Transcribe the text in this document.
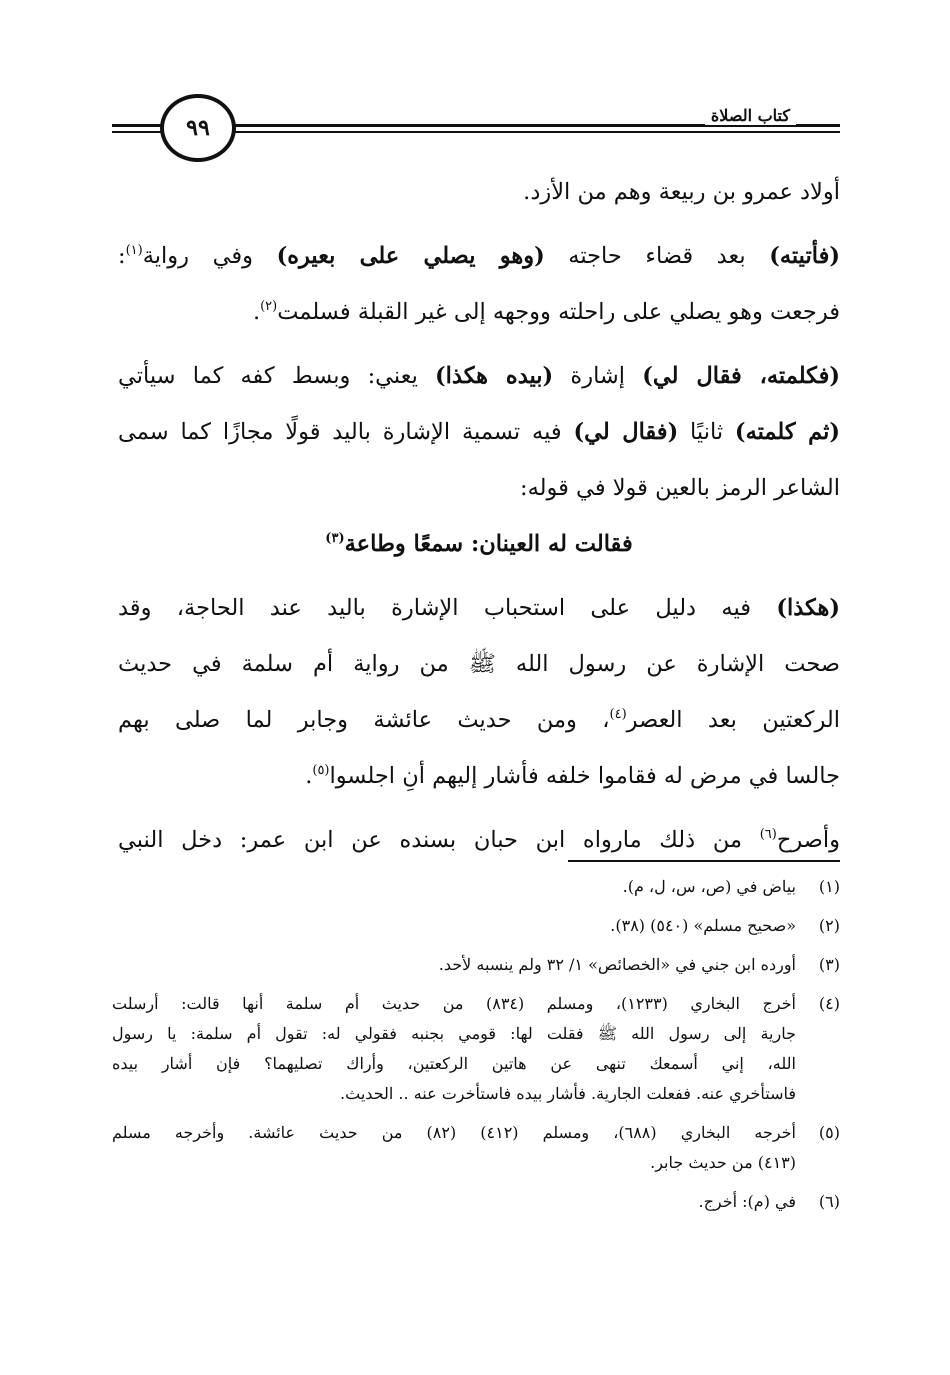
٩٩	كتاب الصلاة
أولاد عمرو بن ربيعة وهم من الأزد.
(فأتيته) بعد قضاء حاجته (وهو يصلي على بعيره) وفي رواية$^{(١)}$:
فرجعت وهو يصلي على راحلته ووجهه إلى غير القبلة فسلمت$^{(٢)}$.
(فكلمته، فقال لي) إشارة (بيده هكذا) يعني: وبسط كفه كما سيأتي
(ثم كلمته) ثانيًا (فقال لي) فيه تسمية الإشارة باليد قولًا مجازًا كما سمى
الشاعر الرمز بالعين قولا في قوله:
فقالت له العينان: سمعًا وطاعة$^{(٣)}$
(هكذا) فيه دليل على استحباب الإشارة باليد عند الحاجة، وقد
صحت الإشارة عن رسول الله ﷺ من رواية أم سلمة في حديث
الركعتين بعد العصر$^{(٤)}$، ومن حديث عائشة وجابر لما صلى بهم
جالسا في مرض له فقاموا خلفه فأشار إليهم أنِ اجلسوا$^{(٥)}$.
وأصرح$^{(٦)}$ من ذلك مارواه ابن حبان بسنده عن ابن عمر: دخل النبي
(١)
بياض في (ص، س، ل، م).
(٢)
«صحيح مسلم» (٥٤٠) (٣٨).
(٣)
أورده ابن جني في «الخصائص» ١/ ٣٢ ولم ينسبه لأحد.
(٤)
أخرج البخاري (١٢٣٣)، ومسلم (٨٣٤) من حديث أم سلمة أنها قالت: أرسلت
جارية إلى رسول الله ﷺ فقلت لها: قومي بجنبه فقولي له: تقول أم سلمة: يا رسول
الله، إني أسمعك تنهى عن هاتين الركعتين، وأراك تصليهما؟ فإن أشار بيده
فاستأخري عنه. ففعلت الجارية. فأشار بيده فاستأخرت عنه .. الحديث.
(٥)
أخرجه البخاري (٦٨٨)، ومسلم (٤١٢) (٨٢) من حديث عائشة. وأخرجه مسلم
(٤١٣) من حديث جابر.
(٦)
في (م): أخرج.
